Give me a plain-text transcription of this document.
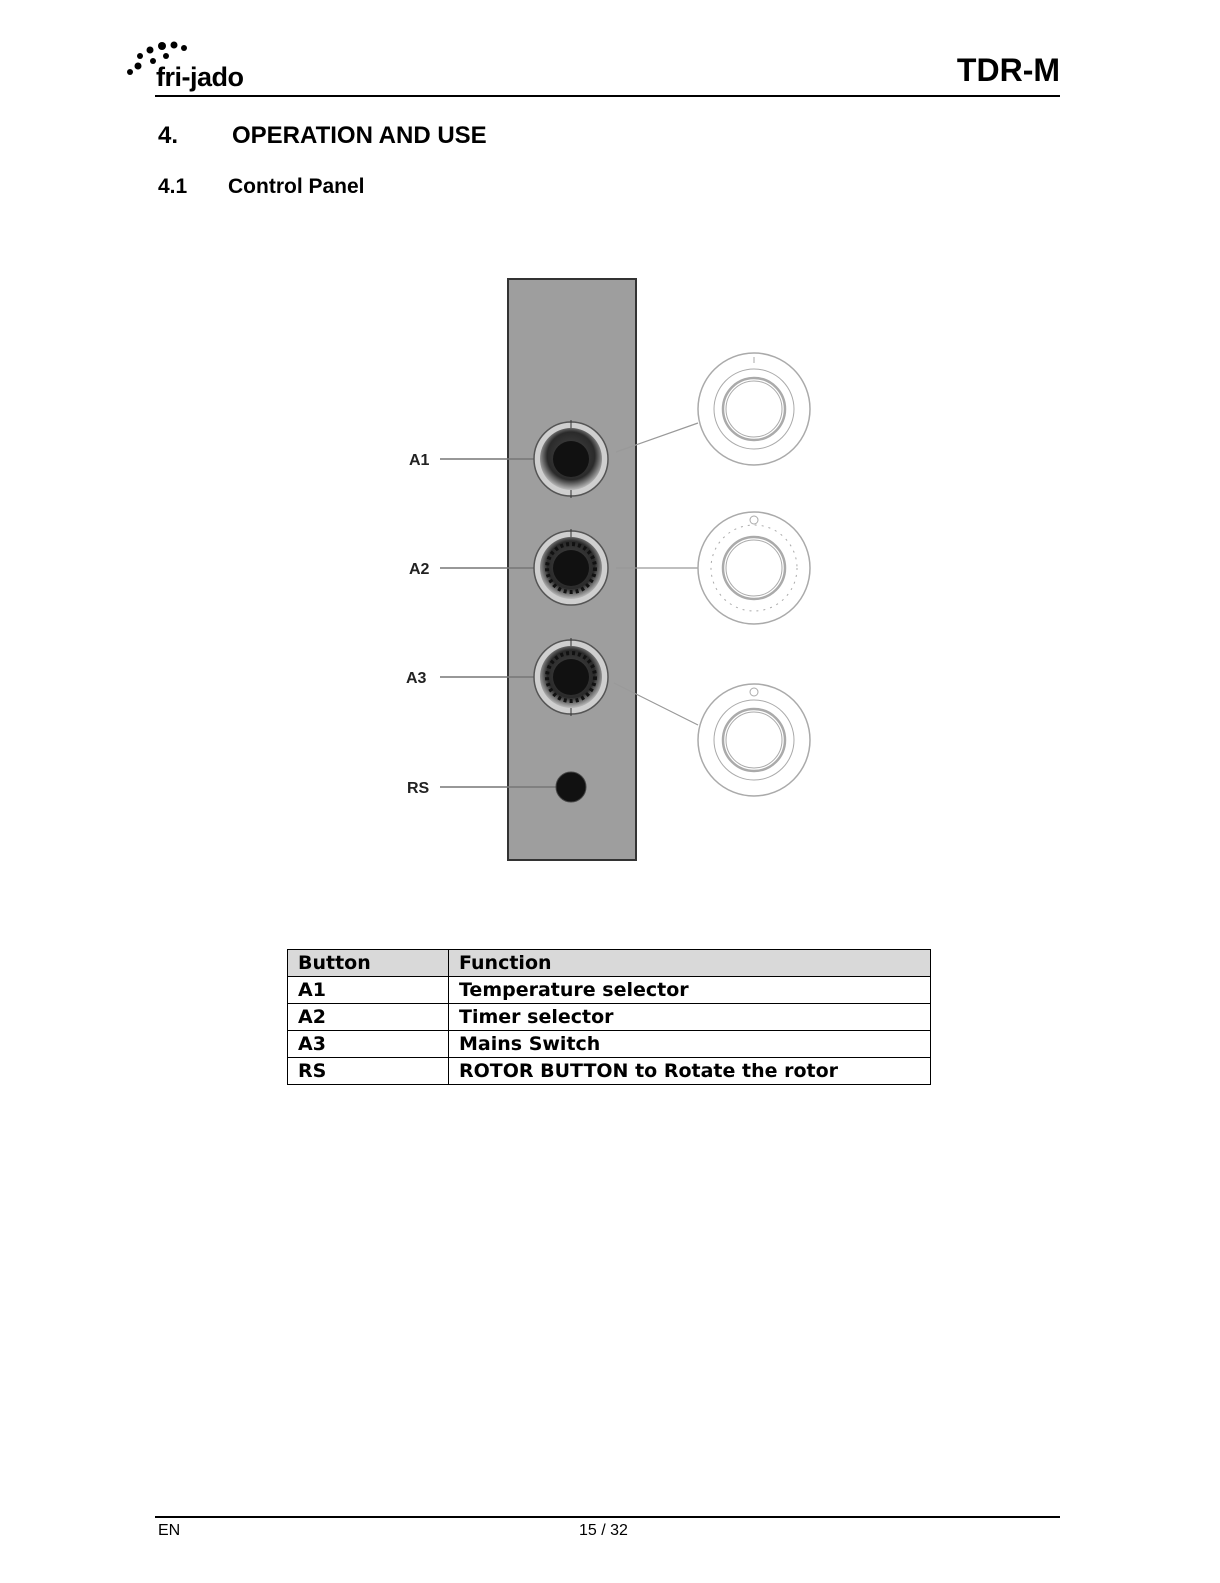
fri-jado	TDR-M
4. OPERATION AND USE
4.1 Control Panel
A1
A2
A3
RS
Button	Function
A1	Temperature selector
A2	Timer selector
A3	Mains Switch
RS	ROTOR BUTTON to Rotate the rotor
EN	15 / 32
